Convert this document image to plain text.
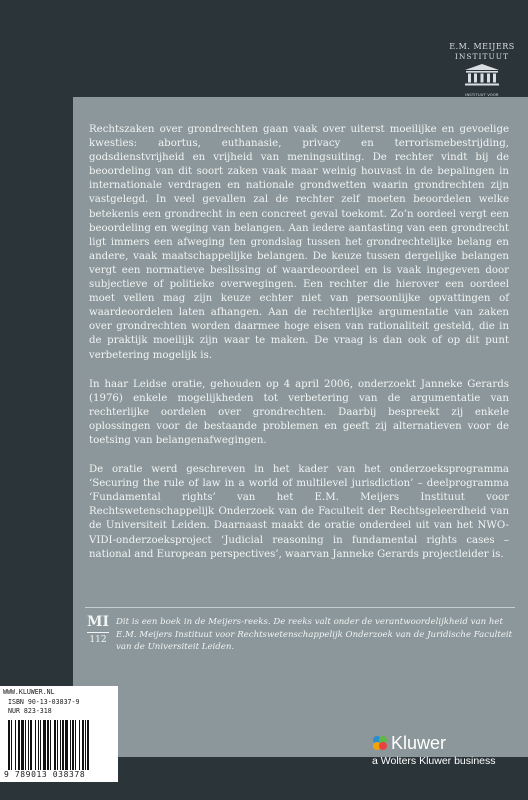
E.M. MEIJERS
INSTITUUT
INSTITUUT VOOR

Rechtszaken over grondrechten gaan vaak over uiterst moeilijke en gevoelige kwesties: abortus, euthanasie, privacy en terrorismebestrijding, godsdienstvrijheid en vrijheid van meningsuiting. De rechter vindt bij de beoordeling van dit soort zaken vaak maar weinig houvast in de bepalingen in internationale verdragen en nationale grondwetten waarin grondrechten zijn vastgelegd. In veel gevallen zal de rechter zelf moeten beoordelen welke betekenis een grondrecht in een concreet geval toekomt. Zo’n oordeel vergt een beoordeling en weging van belangen. Aan iedere aantasting van een grondrecht ligt immers een afweging ten grondslag tussen het grondrechtelijke belang en andere, vaak maatschappelijke belangen. De keuze tussen dergelijke belangen vergt een normatieve beslissing of waardeoordeel en is vaak ingegeven door subjectieve of politieke overwegingen. Een rechter die hierover een oordeel moet vellen mag zijn keuze echter niet van persoonlijke opvattingen of waardeoordelen laten afhangen. Aan de rechterlijke argumentatie van zaken over grondrechten worden daarmee hoge eisen van rationaliteit gesteld, die in de praktijk moeilijk zijn waar te maken. De vraag is dan ook of op dit punt verbetering mogelijk is.

In haar Leidse oratie, gehouden op 4 april 2006, onderzoekt Janneke Gerards (1976) enkele mogelijkheden tot verbetering van de argumentatie van rechterlijke oordelen over grondrechten. Daarbij bespreekt zij enkele oplossingen voor de bestaande problemen en geeft zij alternatieven voor de toetsing van belangenafwegingen.

De oratie werd geschreven in het kader van het onderzoeksprogramma ‘Securing the rule of law in a world of multilevel jurisdiction’ – deelprogramma ‘Fundamental rights’ van het E.M. Meijers Instituut voor Rechtswetenschappelijk Onderzoek van de Faculteit der Rechtsgeleerdheid van de Universiteit Leiden. Daarnaast maakt de oratie onderdeel uit van het NWO-VIDI-onderzoeksproject ‘Judicial reasoning in fundamental rights cases – national and European perspectives’, waarvan Janneke Gerards projectleider is.

MI
112
Dit is een boek in de Meijers-reeks. De reeks valt onder de verantwoordelijkheid van het E.M. Meijers Instituut voor Rechtswetenschappelijk Onderzoek van de Juridische Faculteit van de Universiteit Leiden.
WWW.KLUWER.NL
ISBN 90-13-03837-9
NUR 823-318
9 789013 038378
Kluwer
a Wolters Kluwer business
